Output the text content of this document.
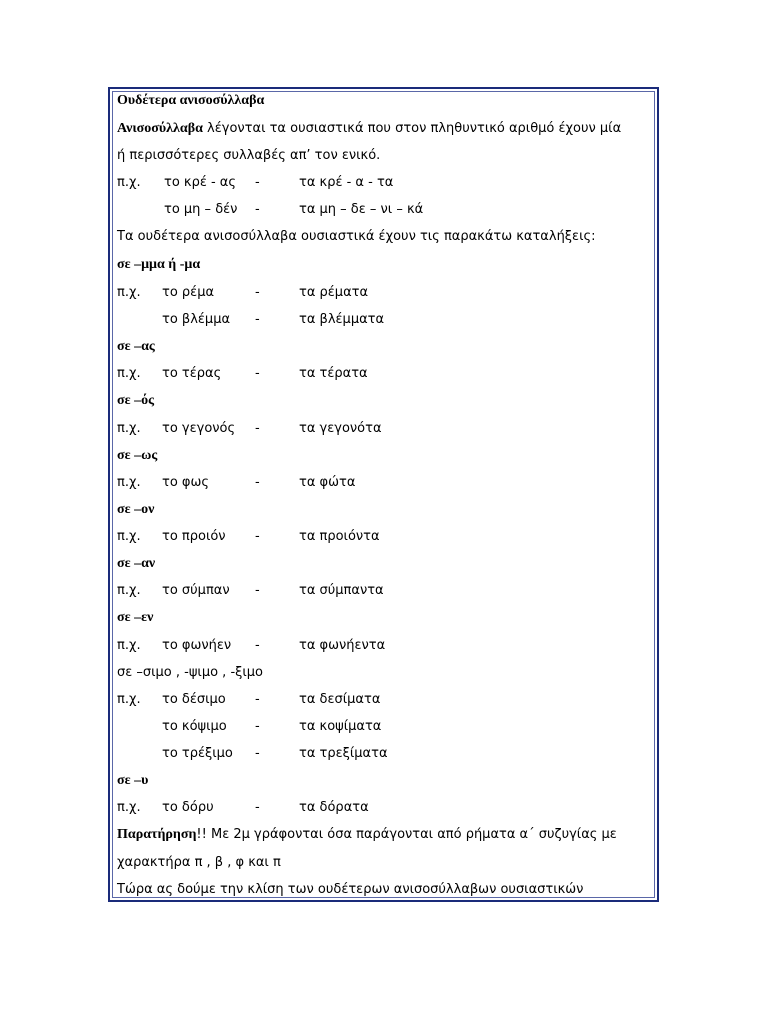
Ουδέτερα ανισοσύλλαβα
Ανισοσύλλαβα λέγονται τα ουσιαστικά που στον πληθυντικό αριθμό έχουν μία
ή περισσότερες συλλαβές απ’ τον ενικό.
π.χ. το κρέ - ας -	τα κρέ - α - τα
το μη – δέν -	τα μη – δε – νι – κά
Τα ουδέτερα ανισοσύλλαβα ουσιαστικά έχουν τις παρακάτω καταλήξεις:
σε –μμα ή -μα
π.χ. το ρέμα	-	τα ρέματα
το βλέμμα -	τα βλέμματα
σε –ας
π.χ. το τέρας	-	τα τέρατα
σε –ός
π.χ. το γεγονός -	τα γεγονότα
σε –ως
π.χ. το φως	-	τα φώτα
σε –ον
π.χ. το προιόν -	τα προιόντα
σε –αν
π.χ. το σύμπαν -	τα σύμπαντα
σε –εν
π.χ. το φωνήεν -	τα φωνήεντα
σε –σιμο , -ψιμο , -ξιμο
π.χ. το δέσιμο -	τα δεσίματα
το κόψιμο -	τα κοψίματα
το τρέξιμο -	τα τρεξίματα
σε –υ
π.χ. το δόρυ	-	τα δόρατα
Παρατήρηση!! Με 2μ γράφονται όσα παράγονται από ρήματα α΄ συζυγίας με
χαρακτήρα π , β , φ και π
Τώρα ας δούμε την κλίση των ουδέτερων ανισοσύλλαβων ουσιαστικών
